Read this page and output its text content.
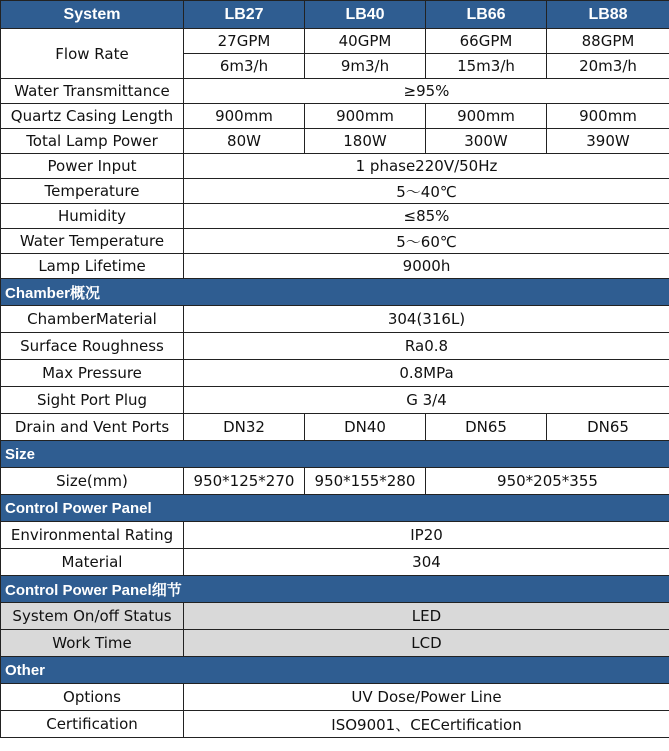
System	LB27	LB40	LB66	LB88
Flow Rate	27GPM	40GPM	66GPM	88GPM
	6m3/h	9m3/h	15m3/h	20m3/h
Water Transmittance	≥95%			
Quartz Casing Length	900mm	900mm	900mm	900mm
Total Lamp Power	80W	180W	300W	390W
Power Input	1 phase220V/50Hz			
Temperature	5～40℃			
Humidity	≤85%			
Water Temperature	5～60℃			
Lamp Lifetime	9000h			
Chamber概况				
ChamberMaterial	304(316L)			
Surface Roughness	Ra0.8			
Max Pressure	0.8MPa			
Sight Port Plug	G 3/4			
Drain and Vent Ports	DN32	DN40	DN65	DN65
Size				
Size(mm)	950*125*270	950*155*280	950*205*355	
Control Power Panel				
Environmental Rating	IP20			
Material	304			
Control Power Panel细节				
System On/off Status	LED			
Work Time	LCD			
Other				
Options	UV Dose/Power Line			
Certification	ISO9001、CECertification			
